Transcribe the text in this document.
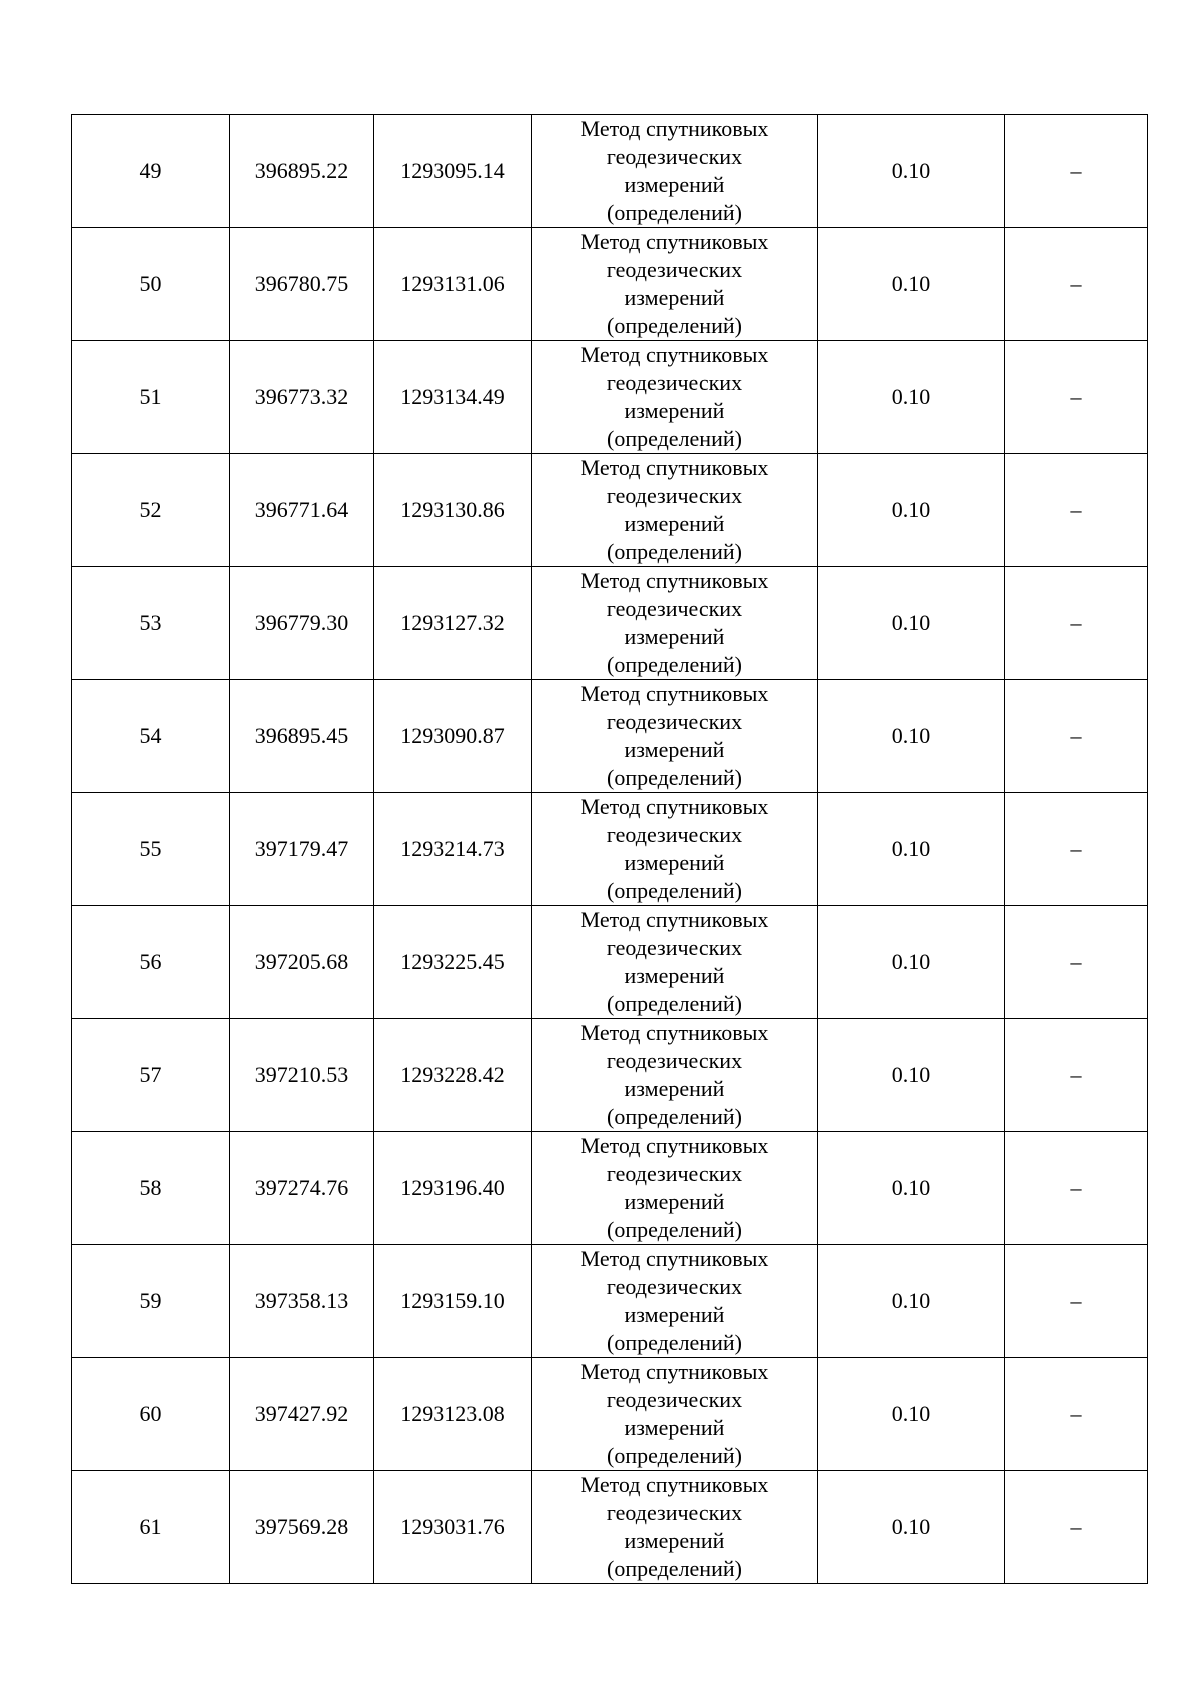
49	396895.22	1293095.14	Метод спутниковых
геодезических
измерений
(определений)	0.10	–
50	396780.75	1293131.06	Метод спутниковых
геодезических
измерений
(определений)	0.10	–
51	396773.32	1293134.49	Метод спутниковых
геодезических
измерений
(определений)	0.10	–
52	396771.64	1293130.86	Метод спутниковых
геодезических
измерений
(определений)	0.10	–
53	396779.30	1293127.32	Метод спутниковых
геодезических
измерений
(определений)	0.10	–
54	396895.45	1293090.87	Метод спутниковых
геодезических
измерений
(определений)	0.10	–
55	397179.47	1293214.73	Метод спутниковых
геодезических
измерений
(определений)	0.10	–
56	397205.68	1293225.45	Метод спутниковых
геодезических
измерений
(определений)	0.10	–
57	397210.53	1293228.42	Метод спутниковых
геодезических
измерений
(определений)	0.10	–
58	397274.76	1293196.40	Метод спутниковых
геодезических
измерений
(определений)	0.10	–
59	397358.13	1293159.10	Метод спутниковых
геодезических
измерений
(определений)	0.10	–
60	397427.92	1293123.08	Метод спутниковых
геодезических
измерений
(определений)	0.10	–
61	397569.28	1293031.76	Метод спутниковых
геодезических
измерений
(определений)	0.10	–
